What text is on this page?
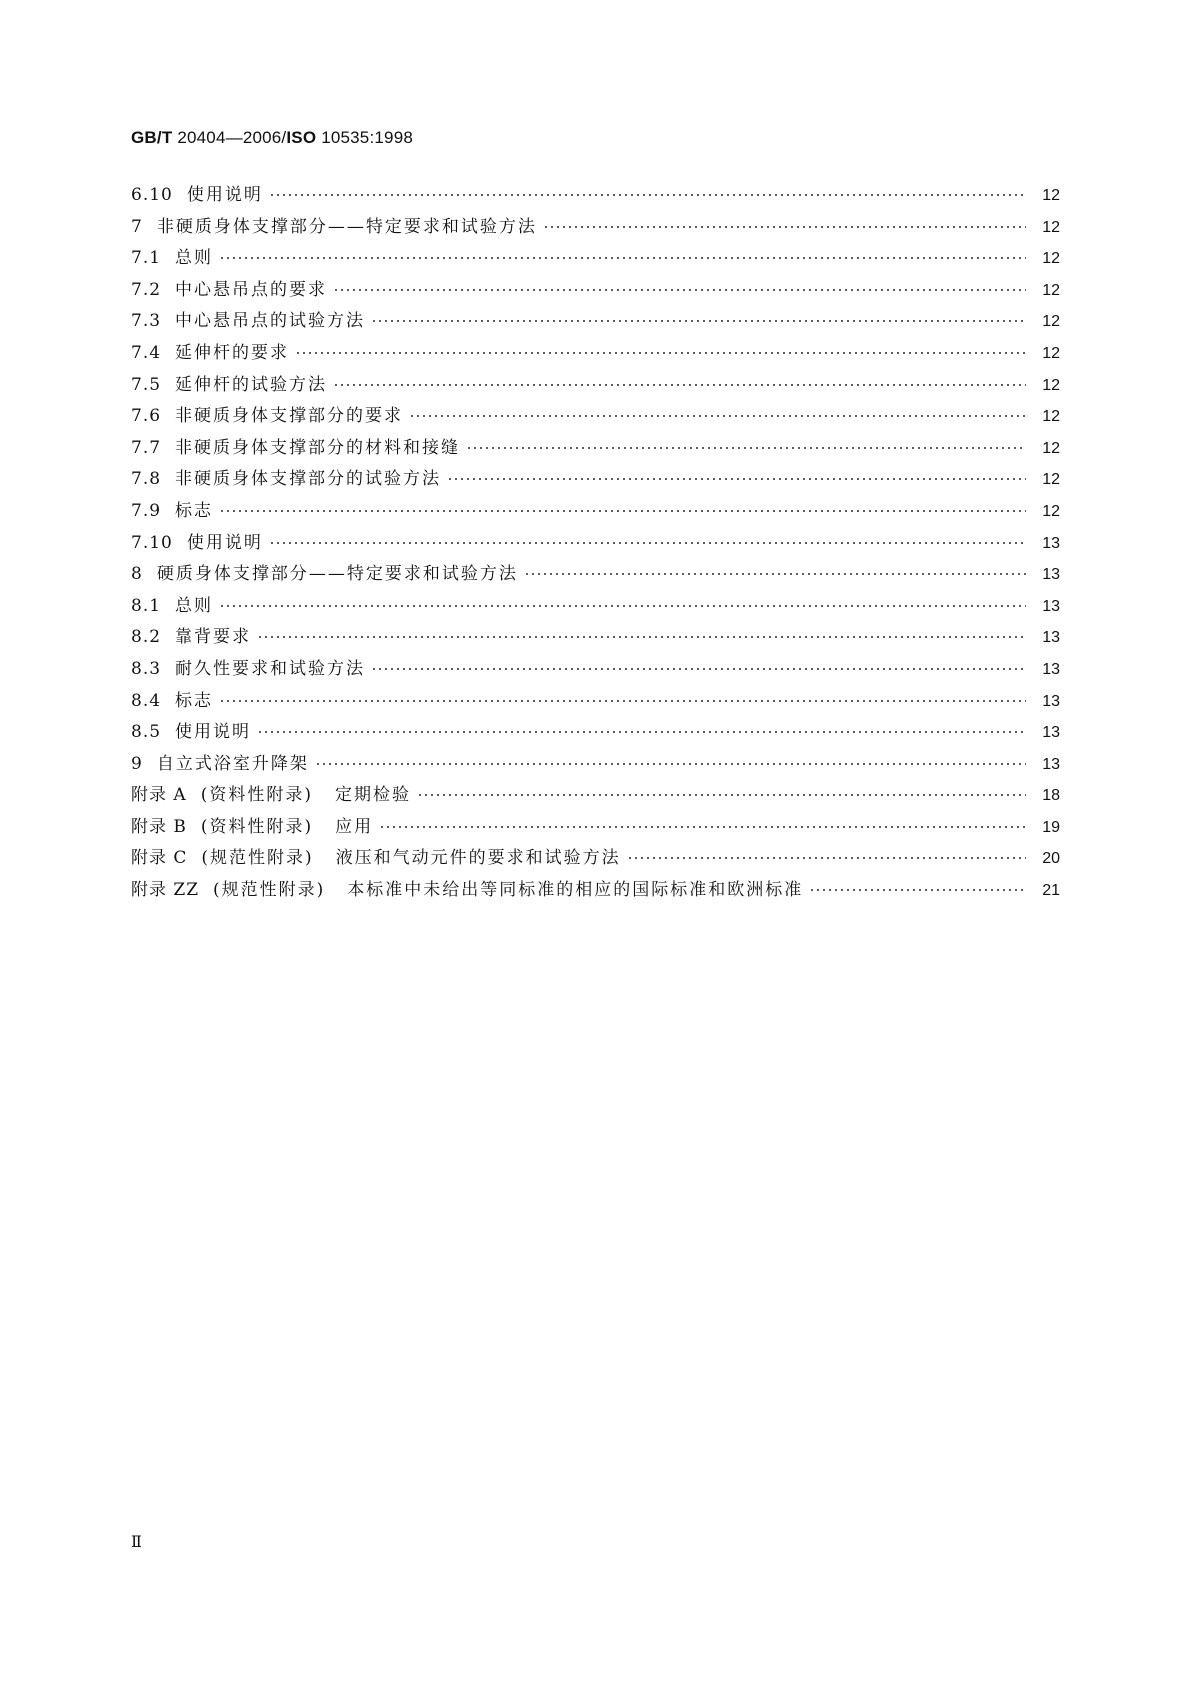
GB/T 20404—2006/ISO 10535:1998
6.10 使用说明	12
7 非硬质身体支撑部分——特定要求和试验方法	12
7.1 总则	12
7.2 中心悬吊点的要求	12
7.3 中心悬吊点的试验方法	12
7.4 延伸杆的要求	12
7.5 延伸杆的试验方法	12
7.6 非硬质身体支撑部分的要求	12
7.7 非硬质身体支撑部分的材料和接缝	12
7.8 非硬质身体支撑部分的试验方法	12
7.9 标志	12
7.10 使用说明	13
8 硬质身体支撑部分——特定要求和试验方法	13
8.1 总则	13
8.2 靠背要求	13
8.3 耐久性要求和试验方法	13
8.4 标志	13
8.5 使用说明	13
9 自立式浴室升降架	13
附录 A (资料性附录)	定期检验	18
附录 B (资料性附录)	应用	19
附录 C (规范性附录)	液压和气动元件的要求和试验方法	20
附录 ZZ (规范性附录)	本标准中未给出等同标准的相应的国际标准和欧洲标准	21
Ⅱ
